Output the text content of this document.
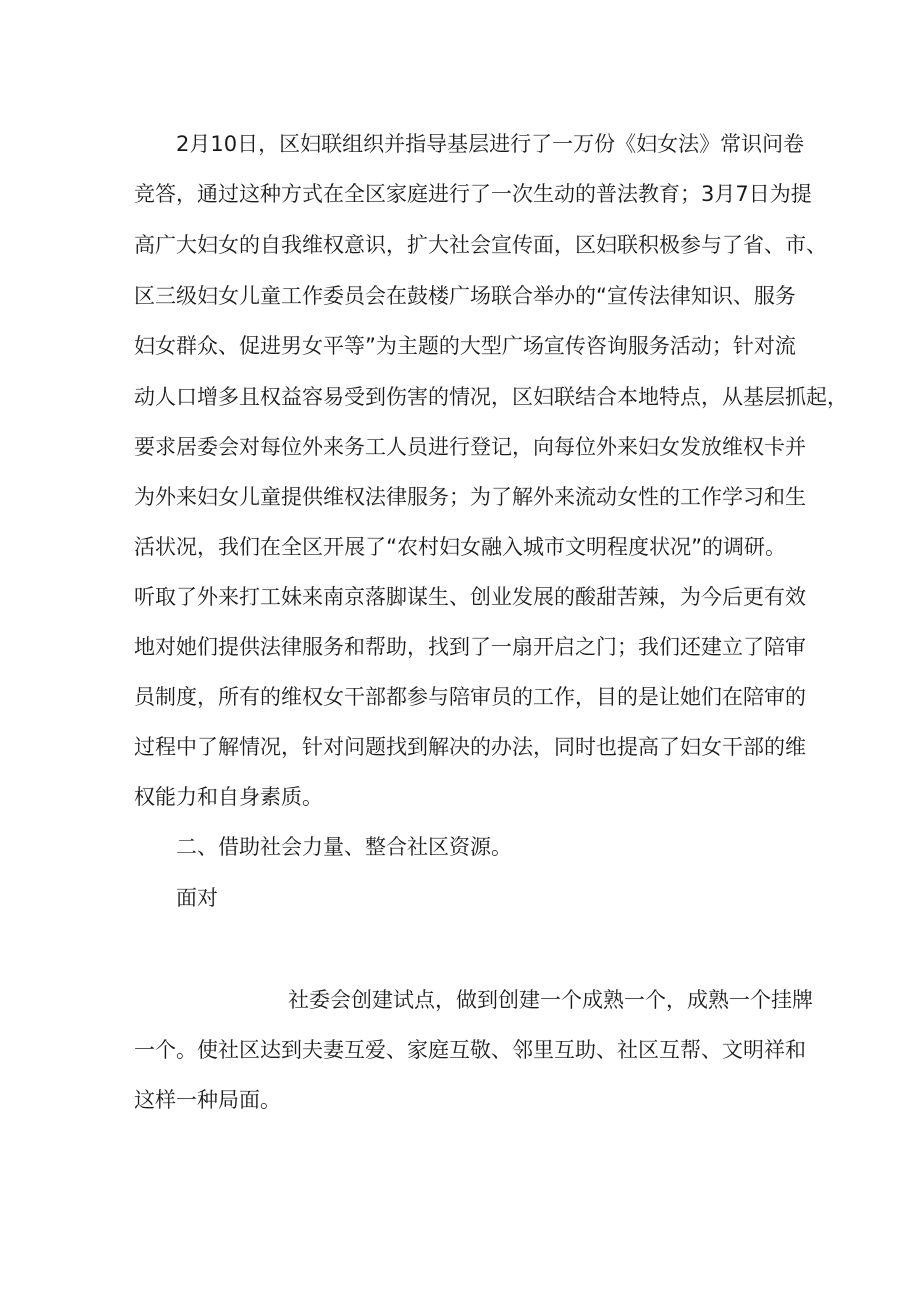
2月10日，区妇联组织并指导基层进行了一万份《妇女法》常识问卷
竞答，通过这种方式在全区家庭进行了一次生动的普法教育；3月7日为提
高广大妇女的自我维权意识，扩大社会宣传面，区妇联积极参与了省、市、
区三级妇女儿童工作委员会在鼓楼广场联合举办的“宣传法律知识、服务
妇女群众、促进男女平等”为主题的大型广场宣传咨询服务活动；针对流
动人口增多且权益容易受到伤害的情况，区妇联结合本地特点，从基层抓起，
要求居委会对每位外来务工人员进行登记，向每位外来妇女发放维权卡并
为外来妇女儿童提供维权法律服务；为了解外来流动女性的工作学习和生
活状况，我们在全区开展了“农村妇女融入城市文明程度状况”的调研。
听取了外来打工妹来南京落脚谋生、创业发展的酸甜苦辣，为今后更有效
地对她们提供法律服务和帮助，找到了一扇开启之门；我们还建立了陪审
员制度，所有的维权女干部都参与陪审员的工作，目的是让她们在陪审的
过程中了解情况，针对问题找到解决的办法，同时也提高了妇女干部的维
权能力和自身素质。
二、借助社会力量、整合社区资源。
面对
社委会创建试点，做到创建一个成熟一个，成熟一个挂牌
一个。使社区达到夫妻互爱、家庭互敬、邻里互助、社区互帮、文明祥和
这样一种局面。
